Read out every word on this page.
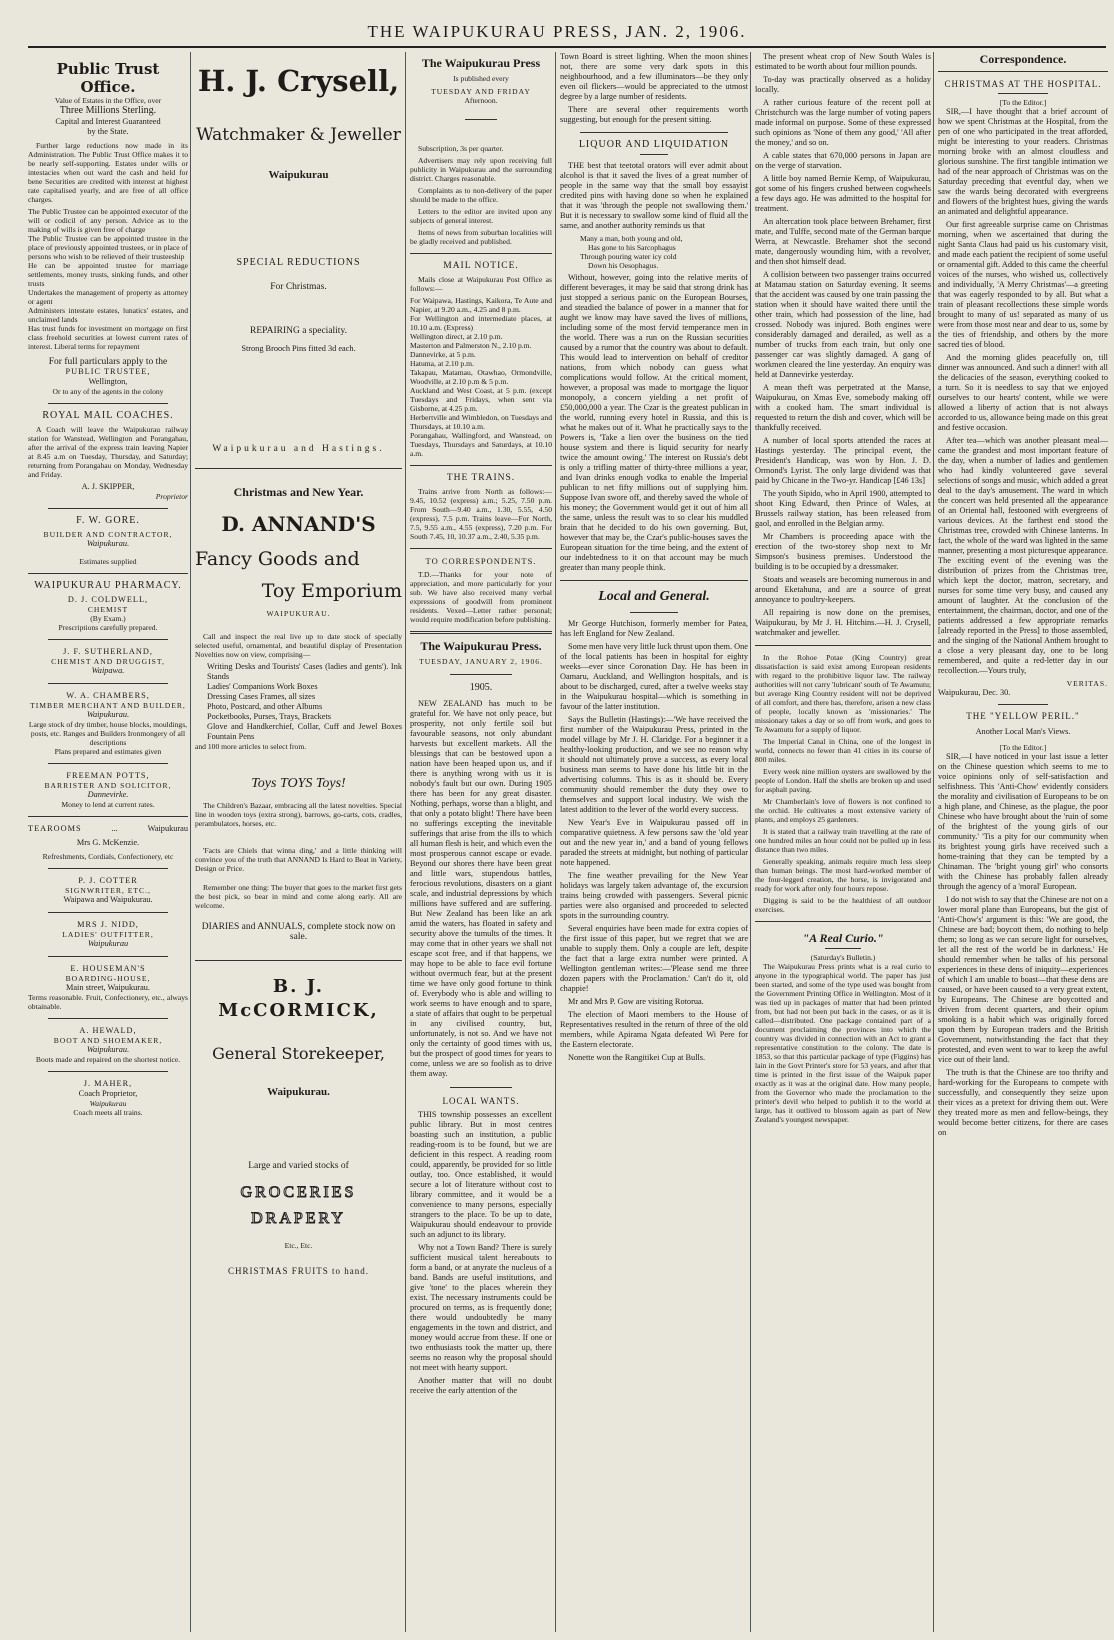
THE WAIPUKURAU PRESS, JAN. 2, 1906.
Public Trust Office.
Value of Estates in the Office, over
Three Millions Sterling.
Capital and Interest Guaranteed
by the State.

Further large reductions now made in its Administration. The Public Trust Office makes it to be nearly self-supporting. Estates under wills or intestacies when out ward the cash and held for bene Securities are credited with interest at highest rate capitalised yearly, and are free of all office charges.

The Public Trustee can be appointed executor of the will or codicil of any person. Advice as to the making of wills is given free of charge
The Public Trustee can be appointed trustee in the place of previously appointed trustees, or in place of persons who wish to be relieved of their trusteeship
He can be appointed trustee for marriage settlements, money trusts, sinking funds, and other trusts
Undertakes the management of property as attorney or agent
Administers intestate estates, lunatics' estates, and unclaimed lands
Has trust funds for investment on mortgage on first class freehold securities at lowest current rates of interest. Liberal terms for repayment
For full particulars apply to the
PUBLIC TRUSTEE,
Wellington,
Or to any of the agents in the colony
ROYAL MAIL COACHES.

A Coach will leave the Waipukurau railway station for Wanstead, Wellington and Porangahau, after the arrival of the express train leaving Napier at 8.45 a.m on Tuesday, Thursday, and Saturday; returning from Porangahau on Monday, Wednesday and Friday.

A. J. SKIPPER,
Proprietor
F. W. GORE.
BUILDER AND CONTRACTOR,
Waipukurau.
Estimates supplied
WAIPUKURAU PHARMACY.
D. J. COLDWELL,
CHEMIST
(By Exam.)
Prescriptions carefully prepared.
J. F. SUTHERLAND,
CHEMIST AND DRUGGIST,
Waipawa.
W. A. CHAMBERS,
TIMBER MERCHANT AND BUILDER,
Waipukurau.
Large stock of dry timber, house blocks, mouldings, posts, etc. Ranges and Builders Ironmongery of all descriptions
Plans prepared and estimates given
FREEMAN POTTS,
BARRISTER AND SOLICITOR,
Dannevirke.
Money to lend at current rates.
TEAROOMS	...	Waipukurau
Mrs G. McKenzie.
Refreshments, Cordials, Confectionery, etc
P. J. COTTER
SIGNWRITER, ETC.,
Waipawa and Waipukurau.
MRS J. NIDD,
LADIES' OUTFITTER,
Waipukurau
E. HOUSEMAN'S
BOARDING-HOUSE,
Main street, Waipukurau.
Terms reasonable. Fruit, Confectionery, etc., always obtainable.
A. HEWALD,
BOOT AND SHOEMAKER,
Waipukurau.
Boots made and repaired on the shortest notice.
J. MAHER,
Coach Proprietor,
Waipukurau
Coach meets all trains.
H. J. Crysell,
Watchmaker & Jeweller
Waipukurau
SPECIAL REDUCTIONS
For Christmas.
REPAIRING a speciality.
Strong Brooch Pins fitted 3d each.
Waipukurau and Hastings.
Christmas and New Year.
D. ANNAND'S
Fancy Goods and
Toy Emporium
WAIPUKURAU.

Call and inspect the real live up to date stock of specially selected useful, ornamental, and beautiful display of Presentation Novelties now on view, comprising—

Writing Desks and Tourists' Cases (ladies and gents'). Ink Stands
Ladies' Companions Work Boxes
Dressing Cases Frames, all sizes
Photo, Postcard, and other Albums
Pocketbooks, Purses, Trays, Brackets
Glove and Handkerchief, Collar, Cuff and Jewel Boxes Fountain Pens
and 100 more articles to select from.
Toys TOYS Toys!

The Children's Bazaar, embracing all the latest novelties. Special line in wooden toys (extra strong), barrows, go-carts, cots, cradles, perambulators, horses, etc.

'Facts are Chiels that winna ding,' and a little thinking will convince you of the truth that ANNAND Is Hard to Beat in Variety, Design or Price.

Remember one thing: The buyer that goes to the market first gets the best pick, so bear in mind and come along early. All are welcome.

DIARIES and ANNUALS, complete stock now on sale.
B. J. McCORMICK,
General Storekeeper,
Waipukurau.
Large and varied stocks of
GROCERIES
DRAPERY
Etc., Etc.
CHRISTMAS FRUITS to hand.
The Waipukurau Press
Is published every
TUESDAY AND FRIDAY
Afternoon.

Subscription, 3s per quarter.

Advertisers may rely upon receiving full publicity in Waipukurau and the surrounding district. Charges reasonable.

Complaints as to non-delivery of the paper should be made to the office.

Letters to the editor are invited upon any subjects of general interest.

Items of news from suburban localities will be gladly received and published.

MAIL NOTICE.

Mails close at Waipukurau Post Office as follows:—

For Waipawa, Hastings, Kaikora, Te Aute and Napier, at 9.20 a.m., 4.25 and 8 p.m.
For Wellington and intermediate places, at 10.10 a.m. (Express)
Wellington direct, at 2.10 p.m.
Masterton and Palmerston N., 2.10 p.m.
Dannevirke, at 5 p.m.
Hatuma, at 2.10 p.m.
Takapau, Matamau, Otawhao, Ormondville, Woodville, at 2.10 p.m & 5 p.m.
Auckland and West Coast, at 5 p.m. (except Tuesdays and Fridays, when sent via Gisborne, at 4.25 p.m.
Herbertville and Wimbledon, on Tuesdays and Thursdays, at 10.10 a.m.
Porangahau, Wallingford, and Wanstead, on Tuesdays, Thursdays and Saturdays, at 10.10 a.m.
THE TRAINS.

Trains arrive from North as follows:— 9.45, 10.52 (express) a.m.; 5.25, 7.50 p.m. From South—9.40 a.m., 1.30, 5.55, 4.50 (express), 7.5 p.m. Trains leave—For North, 7.5, 9.55 a.m., 4.55 (express), 7.20 p.m. For South 7.45, 10, 10.37 a.m., 2.40, 5.35 p.m.

TO CORRESPONDENTS.

T.D.—Thanks for your note of appreciation, and more particularly for your sub. We have also received many verbal expressions of goodwill from prominent residents. Vexed—Letter rather personal; would require modification before publishing.

The Waipukurau Press.
TUESDAY, JANUARY 2, 1906.
1905.

NEW ZEALAND has much to be grateful for. We have not only peace, but prosperity, not only fertile soil but favourable seasons, not only abundant harvests but excellent markets. All the blessings that can be bestowed upon a nation have been heaped upon us, and if there is anything wrong with us it is nobody's fault but our own. During 1905 there has been for any great disaster. Nothing, perhaps, worse than a blight, and that only a potato blight! There have been no sufferings excepting the inevitable sufferings that arise from the ills to which all human flesh is heir, and which even the most prosperous cannot escape or evade. Beyond our shores there have been great and little wars, stupendous battles, ferocious revolutions, disasters on a giant scale, and industrial depressions by which millions have suffered and are suffering. But New Zealand has been like an ark amid the waters, has floated in safety and security above the tumults of the times. It may come that in other years we shall not escape scot free, and if that happens, we may hope to be able to face evil fortune without overmuch fear, but at the present time we have only good fortune to think of. Everybody who is able and willing to work seems to have enough and to spare, a state of affairs that ought to be perpetual in any civilised country, but, unfortunately, is not so. And we have not only the certainty of good times with us, but the prospect of good times for years to come, unless we are so foolish as to drive them away.

LOCAL WANTS.

THIS township possesses an excellent public library. But in most centres boasting such an institution, a public reading-room is to be found, but we are deficient in this respect. A reading room could, apparently, be provided for so little outlay, too. Once established, it would secure a lot of literature without cost to library committee, and it would be a convenience to many persons, especially strangers to the place. To be up to date, Waipukurau should endeavour to provide such an adjunct to its library.

Why not a Town Band? There is surely sufficient musical talent hereabouts to form a band, or at anyrate the nucleus of a band. Bands are useful institutions, and give 'tone' to the places wherein they exist. The necessary instruments could be procured on terms, as is frequently done; there would undoubtedly be many engagements in the town and district, and money would accrue from these. If one or two enthusiasts took the matter up, there seems no reason why the proposal should not meet with hearty support.

Another matter that will no doubt receive the early attention of the

Town Board is street lighting. When the moon shines not, there are some very dark spots in this neighbourhood, and a few illuminators—be they only even oil flickers—would be appreciated to the utmost degree by a large number of residents.

There are several other requirements worth suggesting, but enough for the present sitting.

LIQUOR AND LIQUIDATION

THE best that teetotal orators will ever admit about alcohol is that it saved the lives of a great number of people in the same way that the small boy essayist credited pins with having done so when he explained that it was 'through the people not swallowing them.' But it is necessary to swallow some kind of fluid all the same, and another authority reminds us that

Many a man, both young and old,
Has gone to his Sarcophagus
Through pouring water icy cold
Down his Oesophagus.

Without, however, going into the relative merits of different beverages, it may be said that strong drink has just stopped a serious panic on the European Bourses, and steadied the balance of power in a manner that for aught we know may have saved the lives of millions, including some of the most fervid temperance men in the world. There was a run on the Russian securities caused by a rumor that the country was about to default. This would lead to intervention on behalf of creditor nations, from which nobody can guess what complications would follow. At the critical moment, however, a proposal was made to mortgage the liquor monopoly, a concern yielding a net profit of £50,000,000 a year. The Czar is the greatest publican in the world, running every hotel in Russia, and this is what he makes out of it. What he practically says to the Powers is, 'Take a lien over the business on the tied house system and there is liquid security for nearly twice the amount owing.' The interest on Russia's debt is only a trifling matter of thirty-three millions a year, and Ivan drinks enough vodka to enable the Imperial publican to net fifty millions out of supplying him. Suppose Ivan swore off, and thereby saved the whole of his money; the Government would get it out of him all the same, unless the result was to so clear his muddled brain that he decided to do his own governing. But, however that may be, the Czar's public-houses saves the European situation for the time being, and the extent of our indebtedness to it on that account may be much greater than many people think.

Local and General.

Mr George Hutchison, formerly member for Patea, has left England for New Zealand.

Some men have very little luck thrust upon them. One of the local patients has been in hospital for eighty weeks—ever since Coronation Day. He has been in Oamaru, Auckland, and Wellington hospitals, and is about to be discharged, cured, after a twelve weeks stay in the Waipukurau hospital—which is something in favour of the latter institution.

Says the Bulletin (Hastings):—'We have received the first number of the Waipukurau Press, printed in the model village by Mr J. H. Claridge. For a beginner it a healthy-looking production, and we see no reason why it should not ultimately prove a success, as every local business man seems to have done his little bit in the advertising columns. This is as it should be. Every community should remember the duty they owe to themselves and support local industry. We wish the latest addition to the lever of the world every success.

New Year's Eve in Waipukurau passed off in comparative quietness. A few persons saw the 'old year out and the new year in,' and a band of young fellows paraded the streets at midnight, but nothing of particular note happened.

The fine weather prevailing for the New Year holidays was largely taken advantage of, the excursion trains being crowded with passengers. Several picnic parties were also organised and proceeded to selected spots in the surrounding country.

Several enquiries have been made for extra copies of the first issue of this paper, but we regret that we are unable to supply them. Only a couple are left, despite the fact that a large extra number were printed. A Wellington gentleman writes:—'Please send me three dozen papers with the Proclamation.' Can't do it, old chappie!

Mr and Mrs P. Gow are visiting Rotorua.

The election of Maori members to the House of Representatives resulted in the return of three of the old members, while Apirama Ngata defeated Wi Pere for the Eastern electorate.

Nonette won the Rangitikei Cup at Bulls.

The present wheat crop of New South Wales is estimated to be worth about four million pounds.

To-day was practically observed as a holiday locally.

A rather curious feature of the recent poll at Christchurch was the large number of voting papers made informal on purpose. Some of these expressed such opinions as 'None of them any good,' 'All after the money,' and so on.

A cable states that 670,000 persons in Japan are on the verge of starvation.

A little boy named Bernie Kemp, of Waipukurau, got some of his fingers crushed between cogwheels a few days ago. He was admitted to the hospital for treatment.

An altercation took place between Brehamer, first mate, and Tulffe, second mate of the German barque Werra, at Newcastle. Brehamer shot the second mate, dangerously wounding him, with a revolver, and then shot himself dead.

A collision between two passenger trains occurred at Matamau station on Saturday evening. It seems that the accident was caused by one train passing the station when it should have waited there until the other train, which had possession of the line, had crossed. Nobody was injured. Both engines were considerably damaged and derailed, as well as a number of trucks from each train, but only one passenger car was slightly damaged. A gang of workmen cleared the line yesterday. An enquiry was held at Dannevirke yesterday.

A mean theft was perpetrated at the Manse, Waipukurau, on Xmas Eve, somebody making off with a cooked ham. The smart individual is requested to return the dish and cover, which will be thankfully received.

A number of local sports attended the races at Hastings yesterday. The principal event, the President's Handicap, was won by Hon. J. D. Ormond's Lyrist. The only large dividend was that paid by Chicane in the Two-yr. Handicap [£46 13s]

The youth Sipido, who in April 1900, attempted to shoot King Edward, then Prince of Wales, at Brussels railway station, has been released from gaol, and enrolled in the Belgian army.

Mr Chambers is proceeding apace with the erection of the two-storey shop next to Mr Simpson's business premises. Understood the building is to be occupied by a dressmaker.

Stoats and weasels are becoming numerous in and around Eketahuna, and are a source of great annoyance to poultry-keepers.

All repairing is now done on the premises, Waipukurau, by Mr J. H. Hitchins.—H. J. Crysell, watchmaker and jeweller.

In the Rohoe Potae (King Country) great dissatisfaction is said exist among European residents with regard to the prohibitive liquor law. The railway authorities will not carry 'lubricant' south of Te Awamutu; but average King Country resident will not be deprived of all comfort, and there has, therefore, arisen a new class of people, locally known as 'missionaries.' The missionary takes a day or so off from work, and goes to Te Awamutu for a supply of liquor.

The Imperial Canal in China, one of the longest in world, connects no fewer than 41 cities in its course of 800 miles.

Every week nine million oysters are swallowed by the people of London. Half the shells are broken up and used for asphalt paving.

Mr Chamberlain's love of flowers is not confined to the orchid. He cultivates a most extensive variety of plants, and employs 25 gardeners.

It is stated that a railway train travelling at the rate of one hundred miles an hour could not be pulled up in less distance than two miles.

Generally speaking, animals require much less sleep than human beings. The most hard-worked member of the four-legged creation, the horse, is invigorated and ready for work after only four hours repose.

Digging is said to be the healthiest of all outdoor exercises.

"A Real Curio."
(Saturday's Bulletin.)

The Waipukurau Press prints what is a real curio to anyone in the typographical world. The paper has just been started, and some of the type used was bought from the Government Printing Office in Wellington. Most of it was tied up in packages of matter that had been printed from, but had not been put back in the cases, or as it is called—distributed. One package contained part of a document proclaiming the provinces into which the country was divided in connection with an Act to grant a representative constitution to the colony. The date is 1853, so that this particular package of type (Figgins) has lain in the Govt Printer's store for 53 years, and after that time is printed in the first issue of the Waipuk paper exactly as it was at the original date. How many people, from the Governor who made the proclamation to the printer's devil who helped to publish it to the world at large, has it outlived to blossom again as part of New Zealand's youngest newspaper.

Correspondence.
CHRISTMAS AT THE HOSPITAL.
[To the Editor.]

SIR,—I have thought that a brief account of how we spent Christmas at the Hospital, from the pen of one who participated in the treat afforded, might be interesting to your readers. Christmas morning broke with an almost cloudless and glorious sunshine. The first tangible intimation we had of the near approach of Christmas was on the Saturday preceding that eventful day, when we saw the wards being decorated with evergreens and flowers of the brightest hues, giving the wards an animated and delightful appearance.

Our first agreeable surprise came on Christmas morning, when we ascertained that during the night Santa Claus had paid us his customary visit, and made each patient the recipient of some useful or ornamental gift. Added to this came the cheerful voices of the nurses, who wished us, collectively and individually, 'A Merry Christmas'—a greeting that was eagerly responded to by all. But what a train of pleasant recollections these simple words brought to many of us! separated as many of us were from those most near and dear to us, some by the ties of friendship, and others by the more sacred ties of blood.

And the morning glides peacefully on, till dinner was announced. And such a dinner! with all the delicacies of the season, everything cooked to a turn. So it is needless to say that we enjoyed ourselves to our hearts' content, while we were allowed a liberty of action that is not always accorded to us, allowance being made on this great and festive occasion.

After tea—which was another pleasant meal—came the grandest and most important feature of the day, when a number of ladies and gentlemen who had kindly volunteered gave several selections of songs and music, which added a great deal to the day's amusement. The ward in which the concert was held presented all the appearance of an Oriental hall, festooned with evergreens of various devices. At the farthest end stood the Christmas tree, crowded with Chinese lanterns. In fact, the whole of the ward was lighted in the same manner, presenting a most picturesque appearance. The exciting event of the evening was the distribution of prizes from the Christmas tree, which kept the doctor, matron, secretary, and nurses for some time very busy, and caused any amount of laughter. At the conclusion of the entertainment, the chairman, doctor, and one of the patients addressed a few appropriate remarks [already reported in the Press] to those assembled, and the singing of the National Anthem brought to a close a very pleasant day, one to be long remembered, and quite a red-letter day in our recollection.—Yours truly,

VERITAS.
Waipukurau, Dec. 30.
THE "YELLOW PERIL."
Another Local Man's Views.
[To the Editor.]

SIR,—I have noticed in your last issue a letter on the Chinese question which seems to me to voice opinions only of self-satisfaction and selfishness. This 'Anti-Chow' evidently considers the morality and civilisation of Europeans to be on a high plane, and Chinese, as the plague, the poor Chinese who have brought about the 'ruin of some of the brightest of the young girls of our community.' 'Tis a pity for our community when its brightest young girls have received such a home-training that they can be tempted by a Chinaman. The 'bright young girl' who consorts with the Chinese has probably fallen already through the agency of a 'moral' European.

I do not wish to say that the Chinese are not on a lower moral plane than Europeans, but the gist of 'Anti-Chow's' argument is this: 'We are good, the Chinese are bad; boycott them, do nothing to help them; so long as we can secure light for ourselves, let all the rest of the world be in darkness.' He should remember when he talks of his personal experiences in these dens of iniquity—experiences of which I am unable to boast—that these dens are caused, or have been caused to a very great extent, by Europeans. The Chinese are boycotted and driven from decent quarters, and their opium smoking is a habit which was originally forced upon them by European traders and the British Government, notwithstanding the fact that they protested, and even went to war to keep the awful vice out of their land.

The truth is that the Chinese are too thrifty and hard-working for the Europeans to compete with successfully, and consequently they seize upon their vices as a pretext for driving them out. Were they treated more as men and fellow-beings, they would become better citizens, for there are cases on
